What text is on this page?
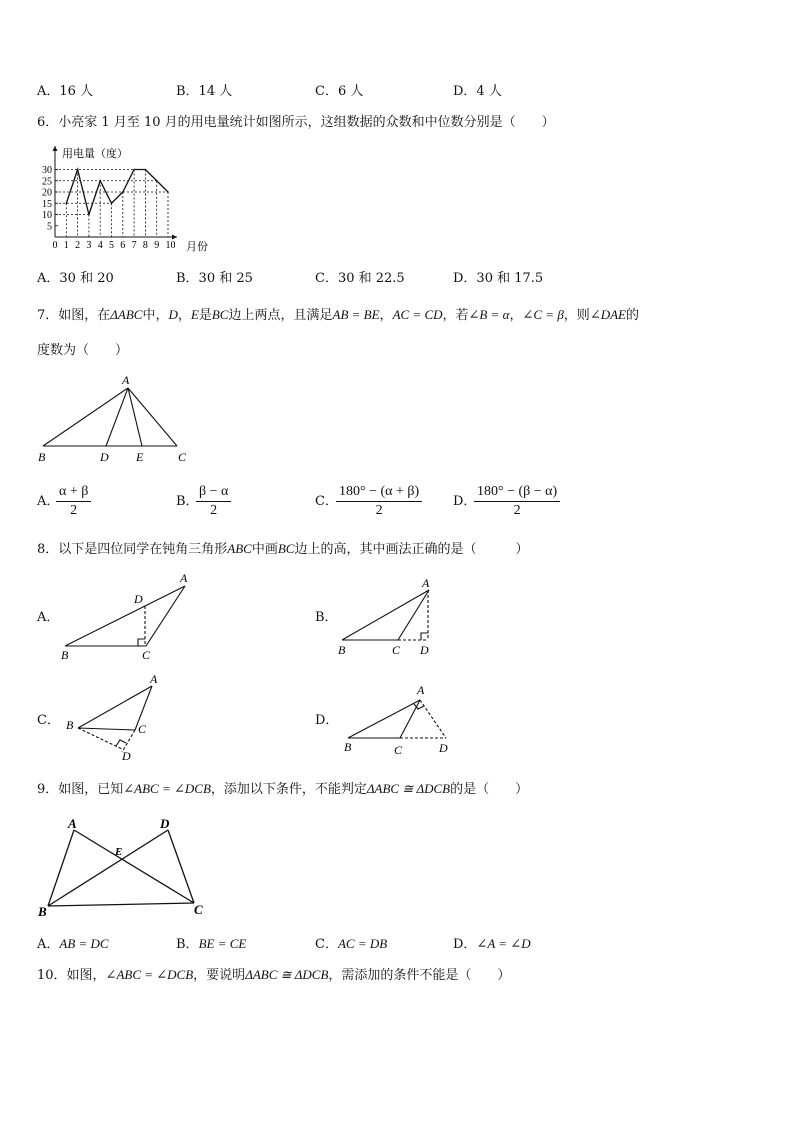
A．16 人	B．14 人	C．6 人	D．4 人
6．小亮家 1 月至 10 月的用电量统计如图所示，这组数据的众数和中位数分别是（　　）
0 1 2 3 4 5 6 7 8 9 10
5
10
15
20
25
30
用电量（度）
月份
A．30 和 20	B．30 和 25	C．30 和 22.5	D．30 和 17.5
7．如图，在ΔABC中，D，E是BC边上两点，且满足AB = BE，AC = CD，若∠B = α，∠C = β，则∠DAE的
度数为（　　）
A
B	D E	C
A．
$\frac{\alpha + \beta}{2}$	B．
$\frac{\beta - \alpha}{2}$	C．
$\frac{180^\circ - (\alpha + \beta)}{2}$ D．
$\frac{180^\circ - (\beta - \alpha)}{2}$
8．以下是四位同学在钝角三角形ABC中画BC边上的高，其中画法正确的是（　　　）
A．
A
D
B	C
B．
A
B	C D
C．
A
B	C
D
D．
A
B	C	D
9．如图，已知∠ABC = ∠DCB，添加以下条件，不能判定ΔABC ≅ ΔDCB的是（　　）
A	D
E
B	C
A．AB = DC	B．BE = CE	C．AC = DB	D．∠A = ∠D
10．如图，∠ABC = ∠DCB，要说明ΔABC ≅ ΔDCB，需添加的条件不能是（　　）
